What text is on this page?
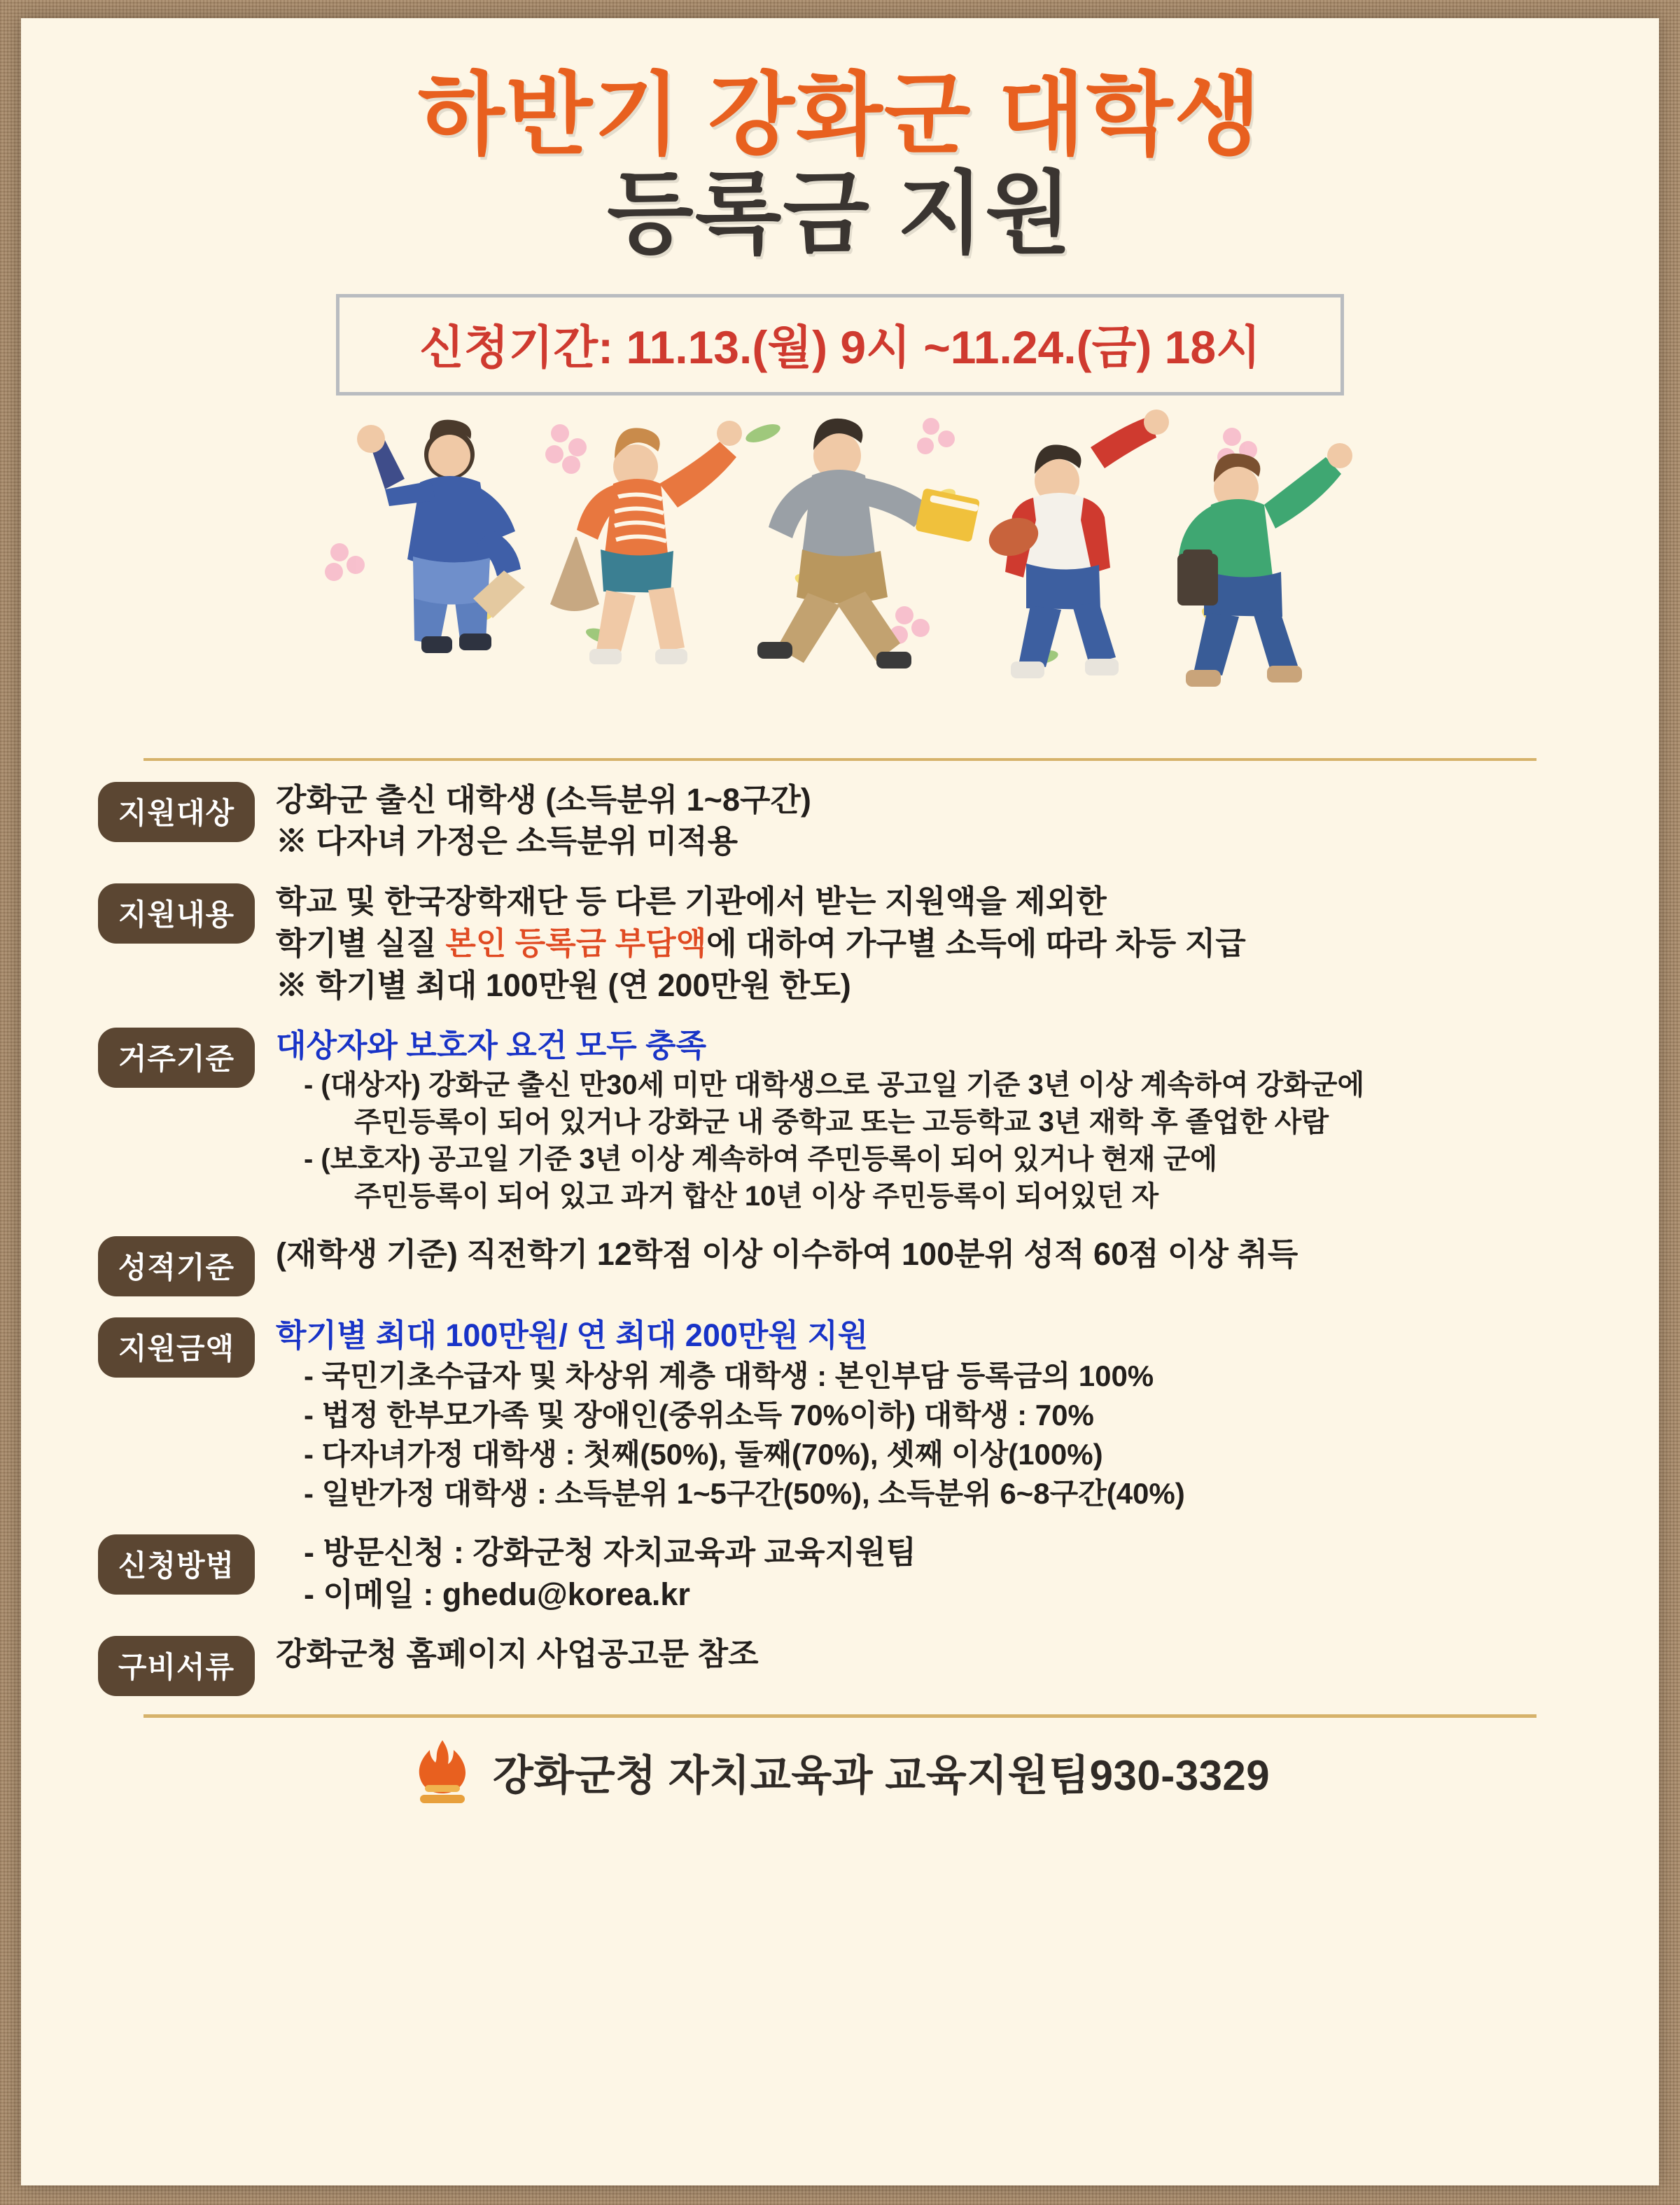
하반기 강화군 대학생
등록금 지원
신청기간: 11.13.(월) 9시 ~11.24.(금) 18시
지원대상	강화군 출신 대학생 (소득분위 1~8구간)
※ 다자녀 가정은 소득분위 미적용
지원내용	학교 및 한국장학재단 등 다른 기관에서 받는 지원액을 제외한
학기별 실질 본인 등록금 부담액에 대하여 가구별 소득에 따라 차등 지급
※ 학기별 최대 100만원 (연 200만원 한도)
거주기준	대상자와 보호자 요건 모두 충족
- (대상자) 강화군 출신 만30세 미만 대학생으로 공고일 기준 3년 이상 계속하여 강화군에
주민등록이 되어 있거나 강화군 내 중학교 또는 고등학교 3년 재학 후 졸업한 사람
- (보호자) 공고일 기준 3년 이상 계속하여 주민등록이 되어 있거나 현재 군에
주민등록이 되어 있고 과거 합산 10년 이상 주민등록이 되어있던 자
성적기준	(재학생 기준) 직전학기 12학점 이상 이수하여 100분위 성적 60점 이상 취득
지원금액	학기별 최대 100만원/ 연 최대 200만원 지원
- 국민기초수급자 및 차상위 계층 대학생 : 본인부담 등록금의 100%
- 법정 한부모가족 및 장애인(중위소득 70%이하) 대학생 : 70%
- 다자녀가정 대학생 : 첫째(50%), 둘째(70%), 셋째 이상(100%)
- 일반가정 대학생 : 소득분위 1~5구간(50%), 소득분위 6~8구간(40%)
신청방법	- 방문신청 : 강화군청 자치교육과 교육지원팀
- 이메일 : ghedu@korea.kr
구비서류	강화군청 홈페이지 사업공고문 참조
강화군청 자치교육과 교육지원팀930-3329
